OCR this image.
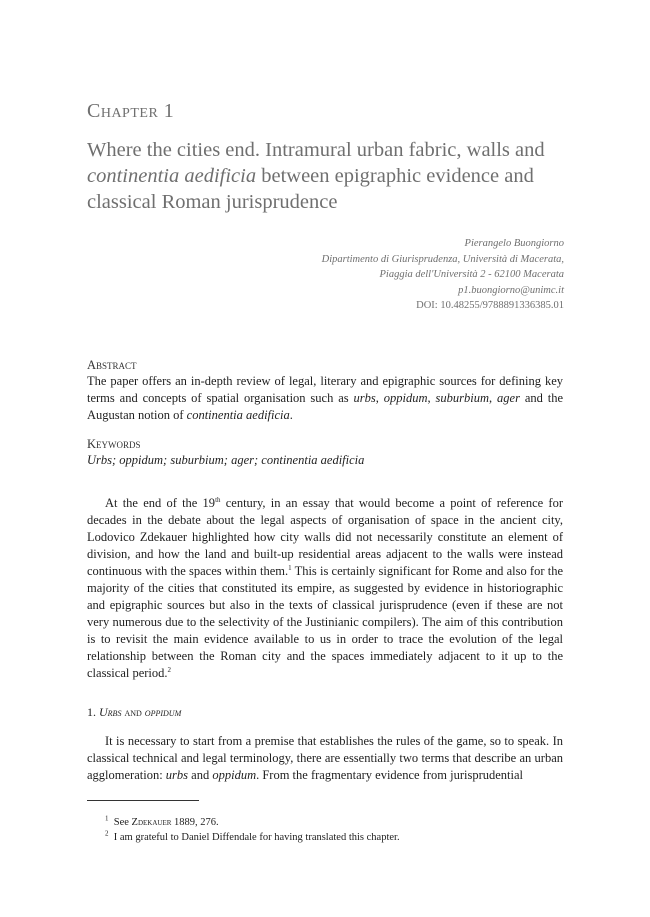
Chapter 1
Where the cities end. Intramural urban fabric, walls and
continentia aedificia between epigraphic evidence and classical Roman jurisprudence
Pierangelo Buongiorno
Dipartimento di Giurisprudenza, Università di Macerata,
Piaggia dell'Università 2 - 62100 Macerata
p1.buongiorno@unimc.it
DOI: 10.48255/9788891336385.01
Abstract

The paper offers an in-depth review of legal, literary and epigraphic sources for defining key terms and concepts of spatial organisation such as urbs, oppidum, suburbium, ager and the Augustan notion of continentia aedificia.

Keywords
Urbs; oppidum; suburbium; ager; continentia aedificia

At the end of the 19th century, in an essay that would become a point of reference for decades in the debate about the legal aspects of organisation of space in the ancient city, Lodovico Zdekauer highlighted how city walls did not necessarily constitute an element of division, and how the land and built-up residential areas adjacent to the walls were instead continuous with the spaces within them.$^1$ This is certainly significant for Rome and also for the majority of the cities that constituted its empire, as suggested by evidence in historiographic and epigraphic sources but also in the texts of classical jurisprudence (even if these are not very numerous due to the selectivity of the Justinianic compilers). The aim of this contribution is to revisit the main evidence available to us in order to trace the evolution of the legal relationship between the Roman city and the spaces immediately adjacent to it up to the classical period.$^2$

1. Urbs and oppidum

It is necessary to start from a premise that establishes the rules of the game, so to speak. In classical technical and legal terminology, there are essentially two terms that describe an urban agglomeration: urbs and oppidum. From the fragmentary evidence from jurisprudential

$^1$ See Zdekauer 1889, 276.
$^2$ I am grateful to Daniel Diffendale for having translated this chapter.
